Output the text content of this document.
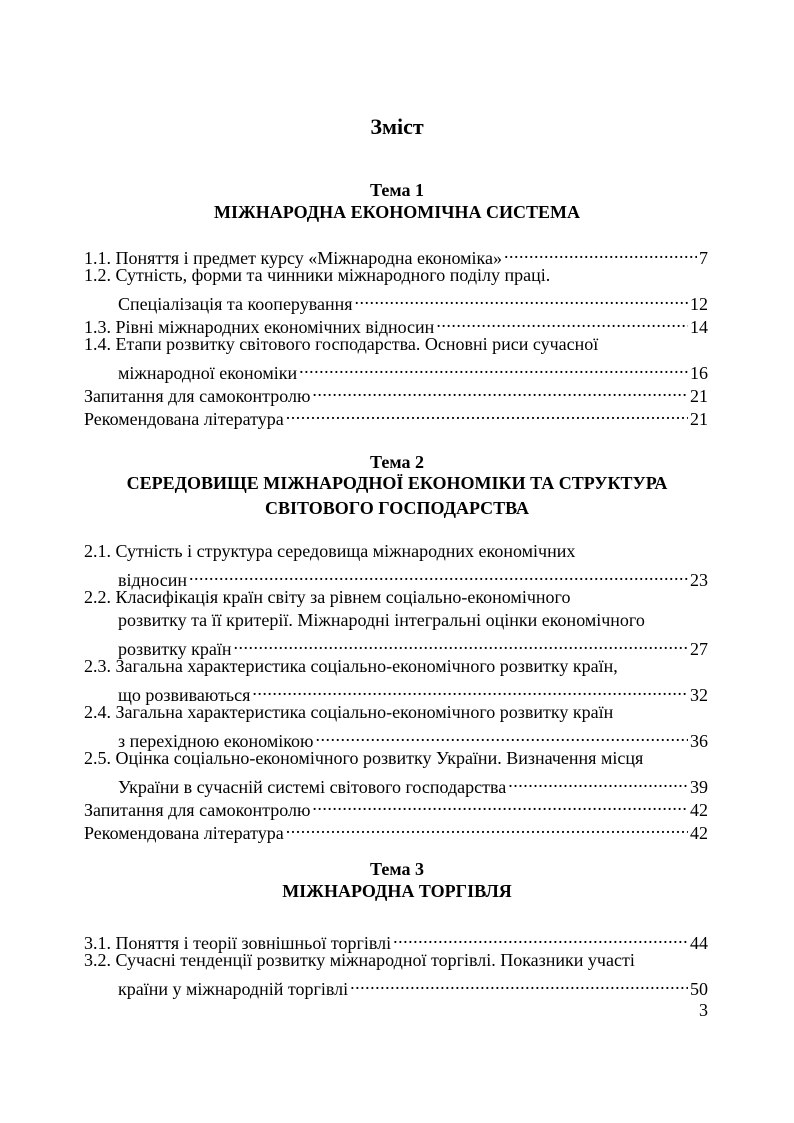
Зміст
Тема 1
МІЖНАРОДНА ЕКОНОМІЧНА СИСТЕМА
1.1. Поняття і предмет курсу «Міжнародна економіка» .....	7
1.2. Сутність, форми та чинники міжнародного поділу праці.
Спеціалізація та кооперування .....	12
1.3. Рівні міжнародних економічних відносин .....	14
1.4. Етапи розвитку світового господарства. Основні риси сучасної
міжнародної економіки .....	16
Запитання для самоконтролю .....	21
Рекомендована література .....	21
Тема 2
СЕРЕДОВИЩЕ МІЖНАРОДНОЇ ЕКОНОМІКИ ТА СТРУКТУРА
СВІТОВОГО ГОСПОДАРСТВА
2.1. Сутність і структура середовища міжнародних економічних
відносин .....	23
2.2. Класифікація країн світу за рівнем соціально-економічного
розвитку та її критерії. Міжнародні інтегральні оцінки економічного
розвитку країн .....	27
2.3. Загальна характеристика соціально-економічного розвитку країн,
що розвиваються .....	32
2.4. Загальна характеристика соціально-економічного розвитку країн
з перехідною економікою .....	36
2.5. Оцінка соціально-економічного розвитку України. Визначення місця
України в сучасній системі світового господарства .....	39
Запитання для самоконтролю .....	42
Рекомендована література .....	42
Тема 3
МІЖНАРОДНА ТОРГІВЛЯ
3.1. Поняття і теорії зовнішньої торгівлі .....	44
3.2. Сучасні тенденції розвитку міжнародної торгівлі. Показники участі
країни у міжнародній торгівлі .....	50
3
